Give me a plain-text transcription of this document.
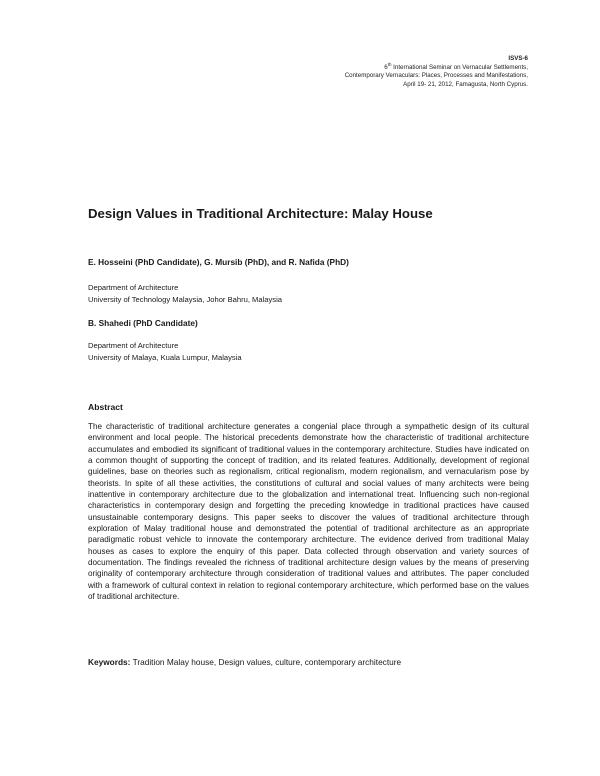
ISVS-6
6th International Seminar on Vernacular Settlements,
Contemporary Vernaculars: Places, Processes and Manifestations,
April 19- 21, 2012, Famagusta, North Cyprus.
Design Values in Traditional Architecture: Malay House

E. Hosseini (PhD Candidate), G. Mursib (PhD), and R. Nafida (PhD)

Department of Architecture
University of Technology Malaysia, Johor Bahru, Malaysia

B. Shahedi (PhD Candidate)

Department of Architecture
University of Malaya, Kuala Lumpur, Malaysia
Abstract

The characteristic of traditional architecture generates a congenial place through a sympathetic design of its cultural environment and local people. The historical precedents demonstrate how the characteristic of traditional architecture accumulates and embodied its significant of traditional values in the contemporary architecture. Studies have indicated on a common thought of supporting the concept of tradition, and its related features. Additionally, development of regional guidelines, base on theories such as regionalism, critical regionalism, modern regionalism, and vernacularism pose by theorists. In spite of all these activities, the constitutions of cultural and social values of many architects were being inattentive in contemporary architecture due to the globalization and international treat. Influencing such non-regional characteristics in contemporary design and forgetting the preceding knowledge in traditional practices have caused unsustainable contemporary designs. This paper seeks to discover the values of traditional architecture through exploration of Malay traditional house and demonstrated the potential of traditional architecture as an appropriate paradigmatic robust vehicle to innovate the contemporary architecture. The evidence derived from traditional Malay houses as cases to explore the enquiry of this paper. Data collected through observation and variety sources of documentation. The findings revealed the richness of traditional architecture design values by the means of preserving originality of contemporary architecture through consideration of traditional values and attributes. The paper concluded with a framework of cultural context in relation to regional contemporary architecture, which performed base on the values of traditional architecture.

Keywords: Tradition Malay house, Design values, culture, contemporary architecture
